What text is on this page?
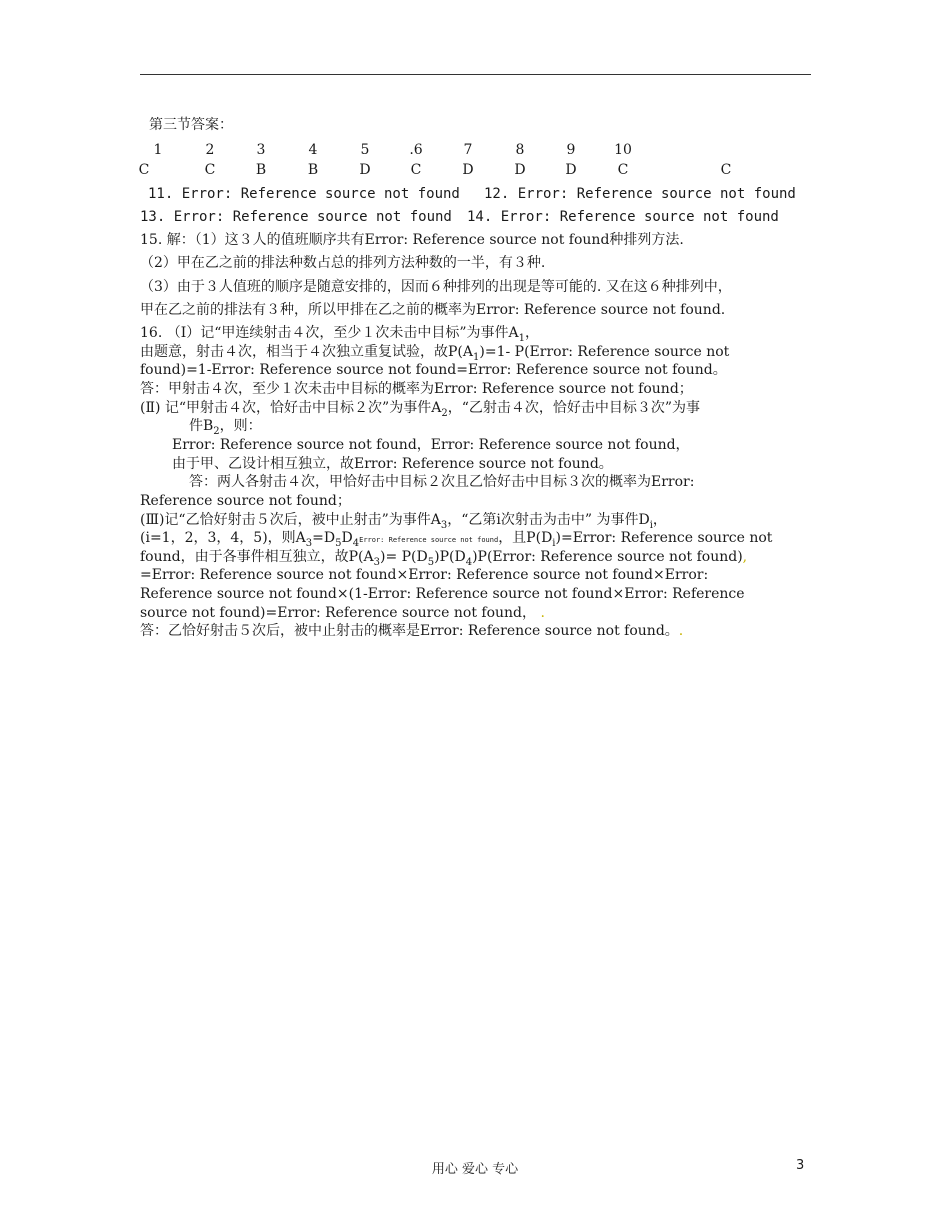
第三节答案：
1	2	3	4	5	.6	7	8	9	10
C	C	B	B	D	C	D	D	D	C	C
11. Error: Reference source not found	12. Error: Reference source not found
13. Error: Reference source not found	14. Error: Reference source not found
15. 解：（1）这３人的值班顺序共有Error: Reference source not found种排列方法.
（2）甲在乙之前的排法种数占总的排列方法种数的一半，有３种.
（3）由于３人值班的顺序是随意安排的，因而６种排列的出现是等可能的. 又在这６种排列中，
甲在乙之前的排法有３种，所以甲排在乙之前的概率为Error: Reference source not found.
16. （Ⅰ）记“甲连续射击４次，至少１次未击中目标”为事件$A_1$，
由题意，射击４次，相当于４次独立重复试验，故$P(A_1)=1-$ P(Error: Reference source not
found)=1-Error: Reference source not found=Error: Reference source not found。
答：甲射击４次，至少１次未击中目标的概率为Error: Reference source not found；
(Ⅱ) 记“甲射击４次，恰好击中目标２次”为事件$A_2$，“乙射击４次，恰好击中目标３次”为事
件$B_2$，则：
Error: Reference source not found，Error: Reference source not found，
由于甲、乙设计相互独立，故Error: Reference source not found。
答：两人各射击４次，甲恰好击中目标２次且乙恰好击中目标３次的概率为Error:
Reference source not found；
(Ⅲ)记“乙恰好射击５次后，被中止射击”为事件$A_3$，“乙第i次射击为击中” 为事件$D_i$，
(i=1，2，3，4，5)，则$A_3=D_5D_4Error$: Reference source not found，且$P(D_i)=Error$: Reference source not
found，由于各事件相互独立，故$P(A_3)=$ $P(D_5)P(D_4)P(Error$: Reference source not found),
=Error: Reference source not found×Error: Reference source not found×Error:
Reference source not found×(1-Error: Reference source not found×Error: Reference
source not found)=Error: Reference source not found， .
答：乙恰好射击５次后，被中止射击的概率是Error: Reference source not found。.
用心 爱心 专心	3
